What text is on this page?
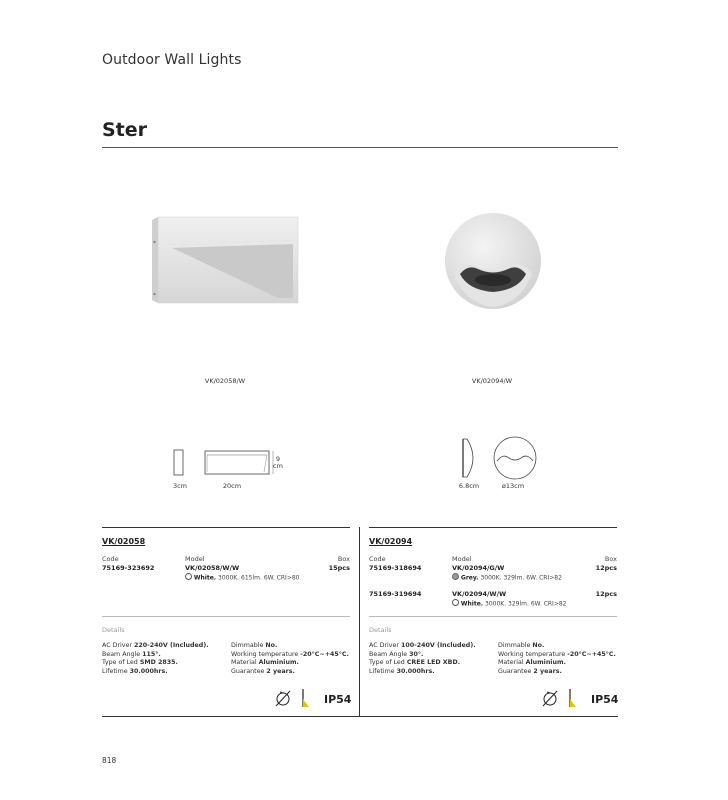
Outdoor Wall Lights
Ster
VK/02058/W	VK/02094/W
3cm	20cm
9
cm
6.8cm	ø13cm
VK/02058
Code	Model	Box
75169-323692	VK/02058/W/W	15pcs
White. 3000K. 615lm. 6W. CRI>80
Details
AC Driver 220-240V (Included).
Beam Angle 115°.
Type of Led SMD 2835.
Lifetime 30.000hrs.
Dimmable No.
Working temperature -20°C~+45°C.
Material Aluminium.
Guarantee 2 years.
IP54
VK/02094
Code	Model	Box
75169-318694	VK/02094/G/W	12pcs
Grey. 3000K. 329lm. 6W. CRI>82
75169-319694	VK/02094/W/W	12pcs
White. 3000K. 329lm. 6W. CRI>82
Details
AC Driver 100-240V (Included).
Beam Angle 30°.
Type of Led CREE LED XBD.
Lifetime 30.000hrs.
Dimmable No.
Working temperature -20°C~+45°C.
Material Aluminium.
Guarantee 2 years.
IP54
818
